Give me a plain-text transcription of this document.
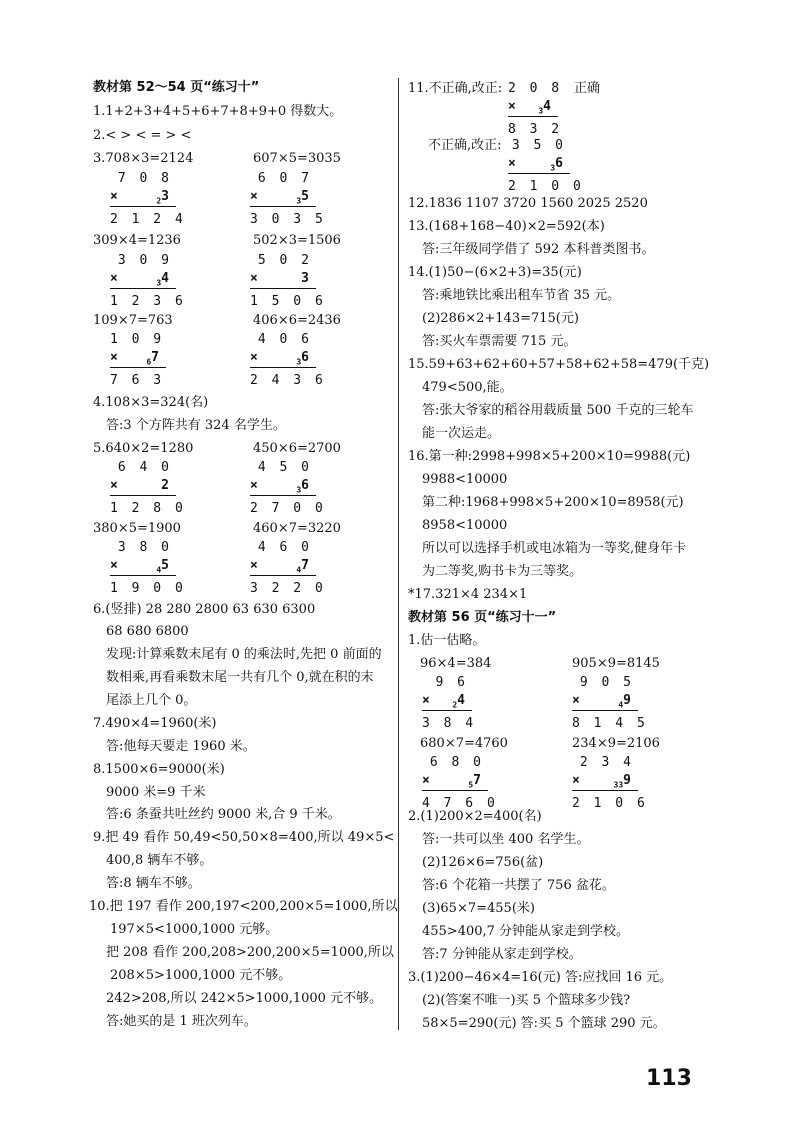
教材第 52～54 页“练习十”
1.1+2+3+4+5+6+7+8+9+0 得数大。
2.< > < = > <
3.708×3=2124	607×5=3035
7 0 8
×	$_2$3
2 1 2 4
6 0 7
×	$_3$5
3 0 3 5
309×4=1236	502×3=1506
3 0 9
×	$_3$4
1 2 3 6
5 0 2
×	3
1 5 0 6
109×7=763	406×6=2436
1 0 9
×	$_6$7
7 6 3
4 0 6
×	$_3$6
2 4 3 6
4.108×3=324(名)
答:3 个方阵共有 324 名学生。
5.640×2=1280	450×6=2700
6 4 0
×	2
1 2 8 0
4 5 0
×	$_3$6
2 7 0 0
380×5=1900	460×7=3220
3 8 0
×	$_4$5
1 9 0 0
4 6 0
×	$_4$7
3 2 2 0
6.(竖排) 28 280 2800 63 630 6300
68 680 6800
发现:计算乘数末尾有 0 的乘法时,先把 0 前面的
数相乘,再看乘数末尾一共有几个 0,就在积的末
尾添上几个 0。
7.490×4=1960(米)
答:他每天要走 1960 米。
8.1500×6=9000(米)
9000 米=9 千米
答:6 条蚕共吐丝约 9000 米,合 9 千米。
9.把 49 看作 50,49<50,50×8=400,所以 49×5<
400,8 辆车不够。
答:8 辆车不够。
10.把 197 看作 200,197<200,200×5=1000,所以
197×5<1000,1000 元够。
把 208 看作 200,208>200,200×5=1000,所以
208×5>1000,1000 元不够。
242>208,所以 242×5>1000,1000 元不够。
答:她买的是 1 班次列车。
11.不正确,改正: 2 0 8
× $_3$4
8 3 2
正确
不正确,改正: 3 5 0
×	$_3$6
2 1 0 0
12.1836 1107 3720 1560 2025 2520
13.(168+168−40)×2=592(本)
答:三年级同学借了 592 本科普类图书。
14.(1)50−(6×2+3)=35(元)
答:乘地铁比乘出租车节省 35 元。
(2)286×2+143=715(元)
答:买火车票需要 715 元。
15.59+63+62+60+57+58+62+58=479(千克)
479<500,能。
答:张大爷家的稻谷用载质量 500 千克的三轮车
能一次运走。
16.第一种:2998+998×5+200×10=9988(元)
9988<10000
第二种:1968+998×5+200×10=8958(元)
8958<10000
所以可以选择手机或电冰箱为一等奖,健身年卡
为二等奖,购书卡为三等奖。
*17.321×4 234×1
教材第 56 页“练习十一”
1.估一估略。
96×4=384	905×9=8145
9 6
× $_2$4
3 8 4
9 0 5
×	$_4$9
8 1 4 5
680×7=4760	234×9=2106
6 8 0
×	$_5$7
4 7 6 0
2 3 4
×	$_{33}$9
2 1 0 6
2.(1)200×2=400(名)
答:一共可以坐 400 名学生。
(2)126×6=756(盆)
答:6 个花箱一共摆了 756 盆花。
(3)65×7=455(米)
455>400,7 分钟能从家走到学校。
答:7 分钟能从家走到学校。
3.(1)200−46×4=16(元) 答:应找回 16 元。
(2)(答案不唯一)买 5 个篮球多少钱?
58×5=290(元) 答:买 5 个篮球 290 元。
113
